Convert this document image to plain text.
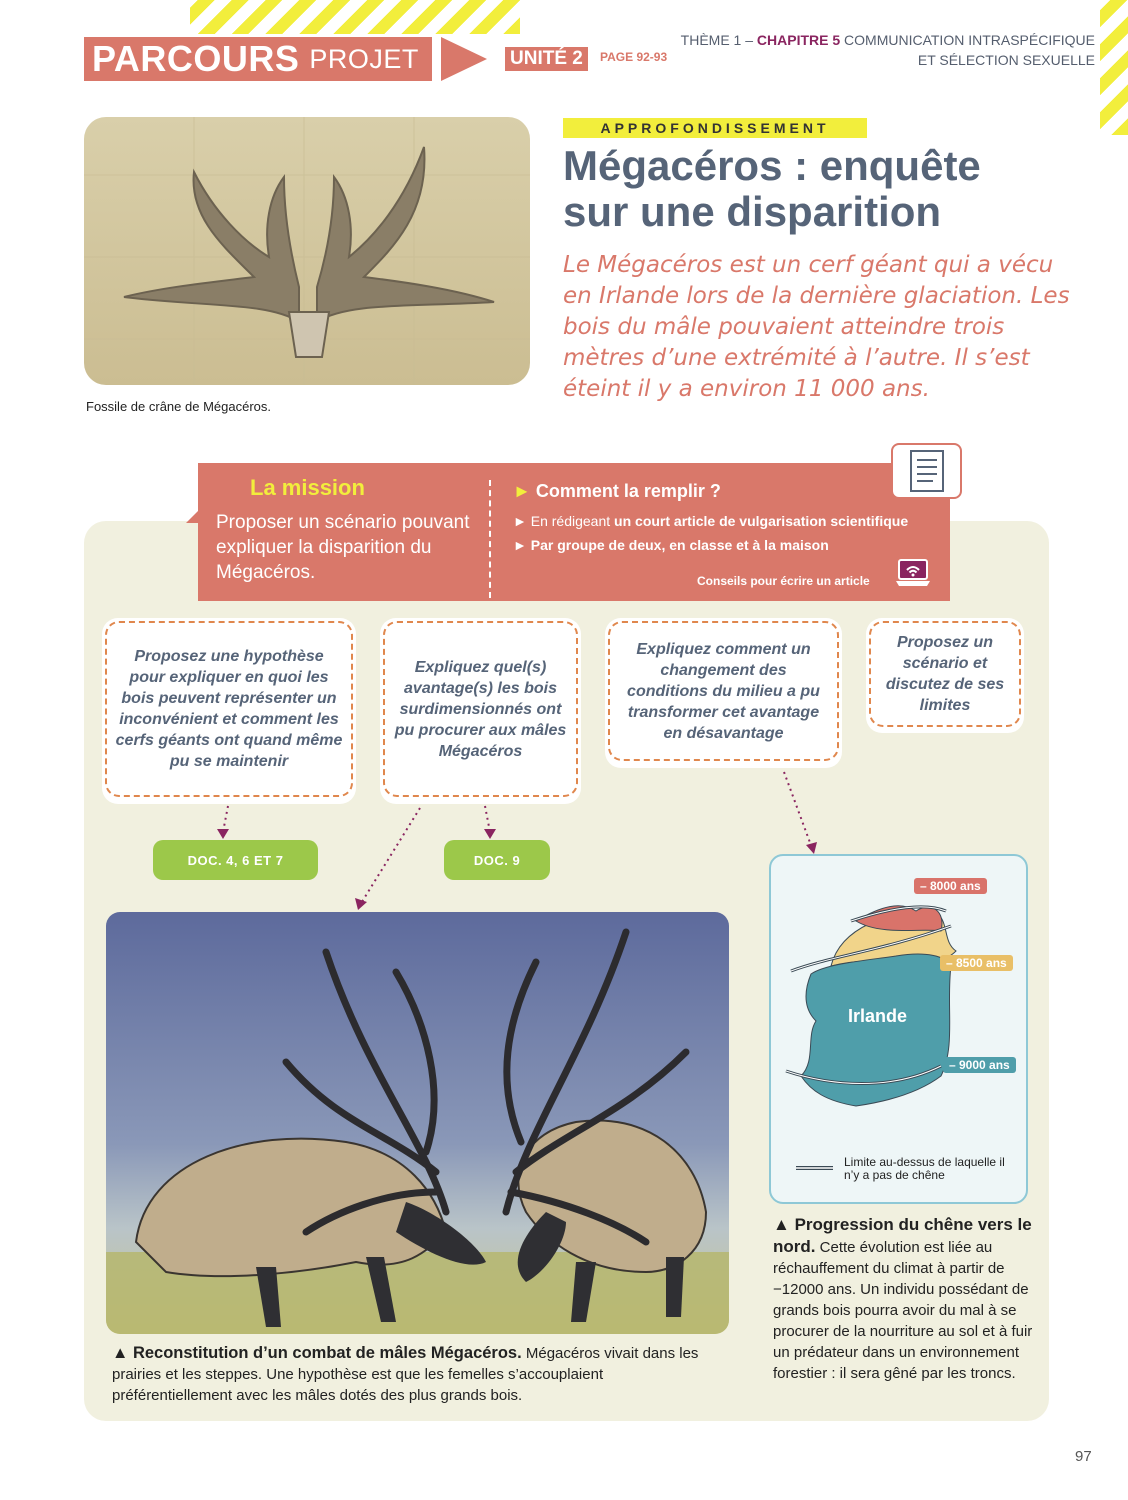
PARCOURS PROJET	UNITÉ 2	PAGE 92-93
THÈME 1 – CHAPITRE 5 COMMUNICATION INTRASPÉCIFIQUE
ET SÉLECTION SEXUELLE
Fossile de crâne de Mégacéros.
APPROFONDISSEMENT
Mégacéros : enquête
sur une disparition
Le Mégacéros est un cerf géant qui a vécu en Irlande lors de la dernière glaciation. Les bois du mâle pouvaient atteindre trois mètres d’une extrémité à l’autre. Il s’est éteint il y a environ 11 000 ans.
La mission
Proposer un scénario pouvant expliquer la disparition du Mégacéros.
► Comment la remplir ?
► En rédigeant un court article de vulgarisation scientifique
► Par groupe de deux, en classe et à la maison
Conseils pour écrire un article
Proposez une hypothèse pour expliquer en quoi les bois peuvent représenter un inconvénient et comment les cerfs géants ont quand même pu se maintenir
Expliquez quel(s) avantage(s) les bois surdimensionnés ont pu procurer aux mâles Mégacéros
Expliquez comment un changement des conditions du milieu a pu transformer cet avantage en désavantage
Proposez un scénario et discutez de ses limites
DOC. 4, 6 ET 7	DOC. 9
▲ Reconstitution d’un combat de mâles Mégacéros. Mégacéros vivait dans les prairies et les steppes. Une hypothèse est que les femelles s’accouplaient préférentiellement avec les mâles dotés des plus grands bois.
– 8000 ans
– 8500 ans
– 9000 ans
Irlande
Limite au-dessus de laquelle il n’y a pas de chêne
▲ Progression du chêne vers le nord. Cette évolution est liée au réchauffement du climat à partir de −12000 ans. Un individu possédant de grands bois pourra avoir du mal à se procurer de la nourriture au sol et à fuir un prédateur dans un environnement forestier : il sera gêné par les troncs.
97
